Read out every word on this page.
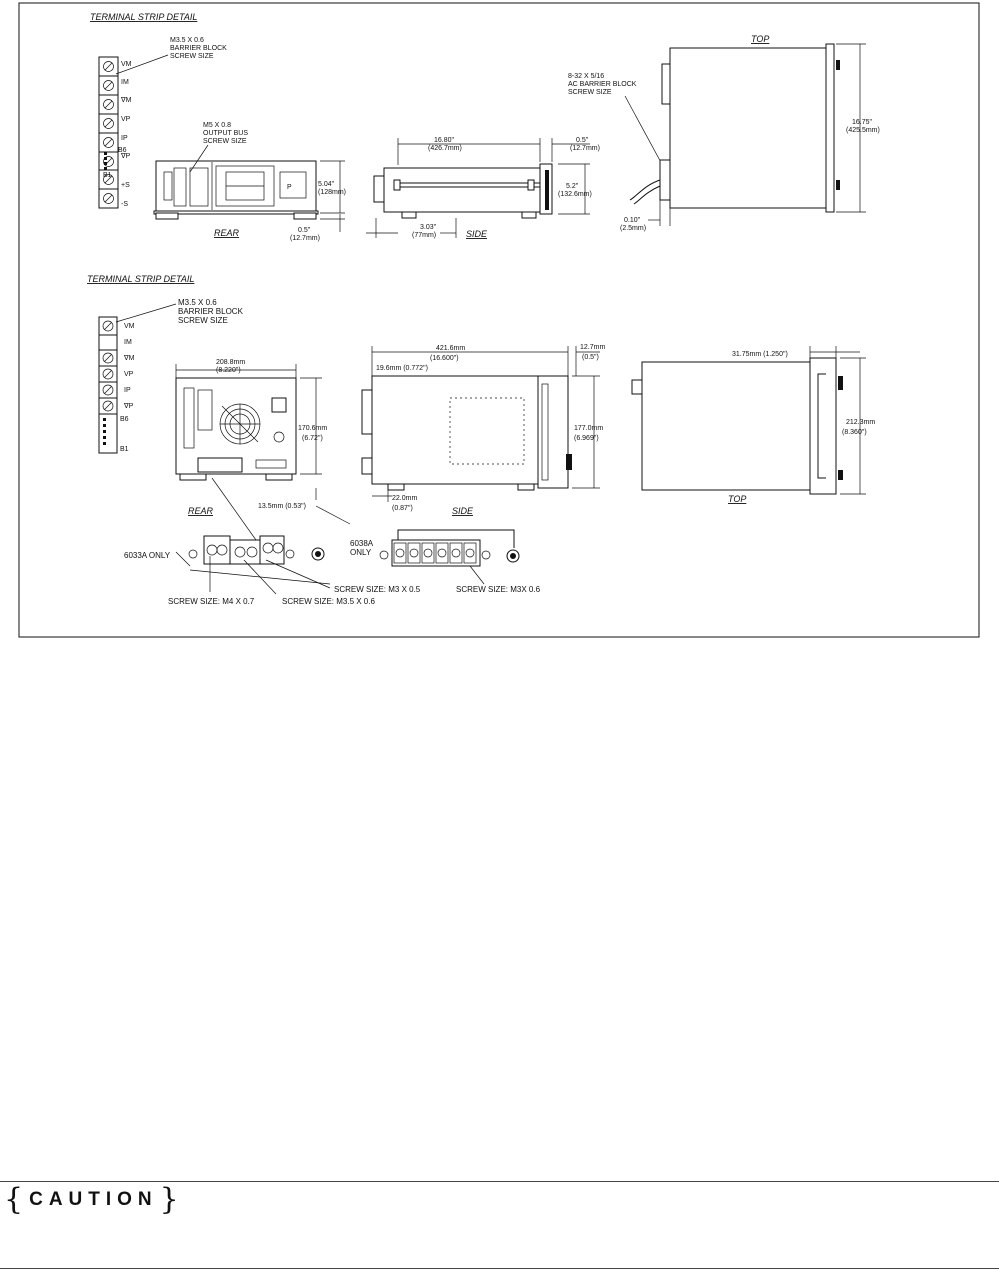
TERMINAL STRIP DETAIL
VM
IM
∇M
VP
IP
∇P
B6
B1
+S
-S
M3.5 X 0.6
BARRIER BLOCK
SCREW SIZE
P
M5 X 0.8
OUTPUT BUS
SCREW SIZE
5.04"
(128mm)
0.5"
(12.7mm)
REAR
16.80"
(426.7mm)
0.5"
(12.7mm)
5.2"
(132.6mm)
3.03"
(77mm)	SIDE
8-32 X 5/16
AC BARRIER BLOCK
SCREW SIZE
TOP
16.75"
(425.5mm)
0.10"
(2.5mm)
TERMINAL STRIP DETAIL
VM
IM
∇M
VP
IP
∇P
B6
B1
M3.5 X 0.6
BARRIER BLOCK
SCREW SIZE
208.8mm
(8.220")
170.6mm
(6.72")
13.5mm (0.53")
REAR
421.6mm
(16.600")
19.6mm (0.772")
12.7mm
(0.5")
177.0mm
(6.969")
22.0mm
(0.87")	SIDE
31.75mm (1.250")
212.3mm
(8.360")
TOP
6033A ONLY
6038A
ONLY
SCREW SIZE: M4 X 0.7	SCREW SIZE: M3.5 X 0.6
SCREW SIZE: M3 X 0.5	SCREW SIZE: M3X 0.6
{ CAUTION }
